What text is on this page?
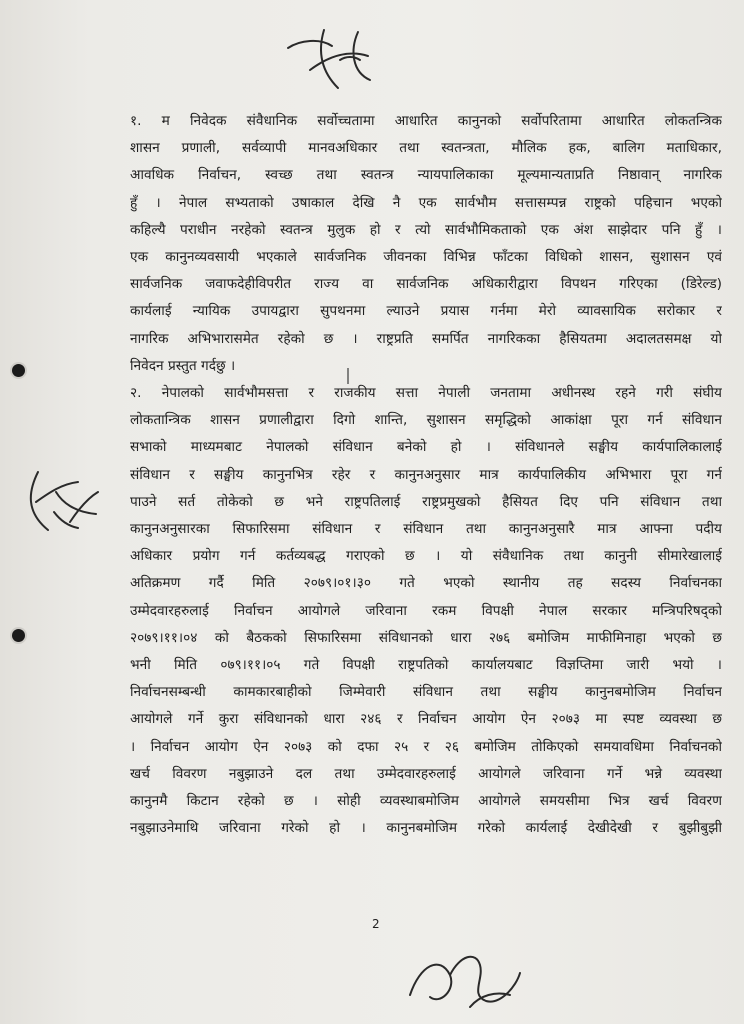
१. म निवेदक संवैधानिक सर्वोच्चतामा आधारित कानुनको सर्वोपरितामा आधारित लोकतन्त्रिक
शासन प्रणाली, सर्वव्यापी मानवअधिकार तथा स्वतन्त्रता, मौलिक हक, बालिग मताधिकार,
आवधिक निर्वाचन, स्वच्छ तथा स्वतन्त्र न्यायपालिकाका मूल्यमान्यताप्रति निष्ठावान् नागरिक
हुँ । नेपाल सभ्यताको उषाकाल देखि नै एक सार्वभौम सत्तासम्पन्न राष्ट्रको पहिचान भएको
कहिल्यै पराधीन नरहेको स्वतन्त्र मुलुक हो र त्यो सार्वभौमिकताको एक अंश साझेदार पनि हुँ ।
एक कानुनव्यवसायी भएकाले सार्वजनिक जीवनका विभिन्न फाँटका विधिको शासन, सुशासन एवं
सार्वजनिक जवाफदेहीविपरीत राज्य वा सार्वजनिक अधिकारीद्वारा विपथन गरिएका (डिरेल्ड)
कार्यलाई न्यायिक उपायद्वारा सुपथनमा ल्याउने प्रयास गर्नमा मेरो व्यावसायिक सरोकार र
नागरिक अभिभारासमेत रहेको छ । राष्ट्रप्रति समर्पित नागरिकका हैसियतमा अदालतसमक्ष यो
निवेदन प्रस्तुत गर्दछु ।
२. नेपालको सार्वभौमसत्ता र राजकीय सत्ता नेपाली जनतामा अधीनस्थ रहने गरी संघीय
लोकतान्त्रिक शासन प्रणालीद्वारा दिगो शान्ति, सुशासन समृद्धिको आकांक्षा पूरा गर्न संविधान
सभाको माध्यमबाट नेपालको संविधान बनेको हो । संविधानले सङ्घीय कार्यपालिकालाई
संविधान र सङ्घीय कानुनभित्र रहेर र कानुनअनुसार मात्र कार्यपालिकीय अभिभारा पूरा गर्न
पाउने सर्त तोकेको छ भने राष्ट्रपतिलाई राष्ट्रप्रमुखको हैसियत दिए पनि संविधान तथा
कानुनअनुसारका सिफारिसमा संविधान र संविधान तथा कानुनअनुसारै मात्र आफ्ना पदीय
अधिकार प्रयोग गर्न कर्तव्यबद्ध गराएको छ । यो संवैधानिक तथा कानुनी सीमारेखालाई
अतिक्रमण गर्दै मिति २०७९।०१।३० गते भएको स्थानीय तह सदस्य निर्वाचनका
उम्मेदवारहरुलाई निर्वाचन आयोगले जरिवाना रकम विपक्षी नेपाल सरकार मन्त्रिपरिषद्को
२०७९।११।०४ को बैठकको सिफारिसमा संविधानको धारा २७६ बमोजिम माफीमिनाहा भएको छ
भनी मिति ०७९।११।०५ गते विपक्षी राष्ट्रपतिको कार्यालयबाट विज्ञप्तिमा जारी भयो ।
निर्वाचनसम्बन्धी कामकारबाहीको जिम्मेवारी संविधान तथा सङ्घीय कानुनबमोजिम निर्वाचन
आयोगले गर्ने कुरा संविधानको धारा २४६ र निर्वाचन आयोग ऐन २०७३ मा स्पष्ट व्यवस्था छ
। निर्वाचन आयोग ऐन २०७३ को दफा २५ र २६ बमोजिम तोकिएको समयावधिमा निर्वाचनको
खर्च विवरण नबुझाउने दल तथा उम्मेदवारहरुलाई आयोगले जरिवाना गर्ने भन्ने व्यवस्था
कानुनमै किटान रहेको छ । सोही व्यवस्थाबमोजिम आयोगले समयसीमा भित्र खर्च विवरण
नबुझाउनेमाथि जरिवाना गरेको हो । कानुनबमोजिम गरेको कार्यलाई देखीदेखी र बुझीबुझी
2
